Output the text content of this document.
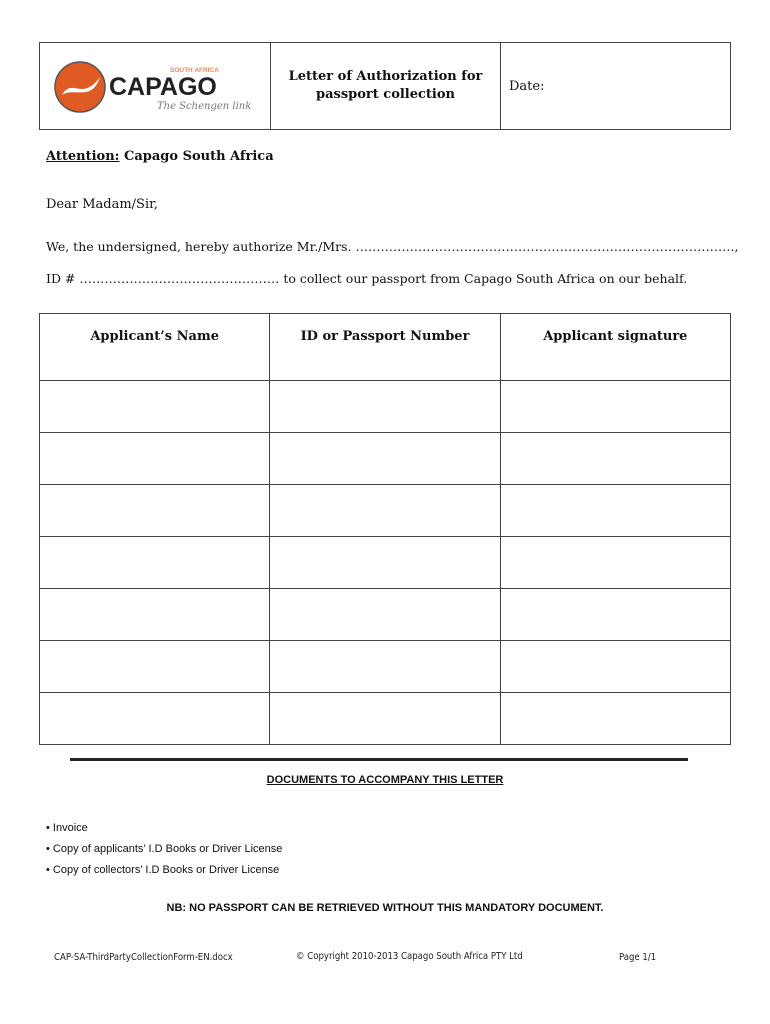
SOUTH AFRICA
CAPAGO
The Schengen link
Letter of Authorization for
passport collection
Date:
Attention: Capago South Africa
Dear Madam/Sir,
We, the undersigned, hereby authorize Mr./Mrs. ……………………………………………………………………………….,
ID # ………………………………………… to collect our passport from Capago South Africa on our behalf.
Applicant’s Name	ID or Passport Number	Applicant signature

DOCUMENTS TO ACCOMPANY THIS LETTER
• Invoice
• Copy of applicants’ I.D Books or Driver License
• Copy of collectors’ I.D Books or Driver License
NB: NO PASSPORT CAN BE RETRIEVED WITHOUT THIS MANDATORY DOCUMENT.
CAP-SA-ThirdPartyCollectionForm-EN.docx	© Copyright 2010-2013 Capago South Africa PTY Ltd	Page 1/1
